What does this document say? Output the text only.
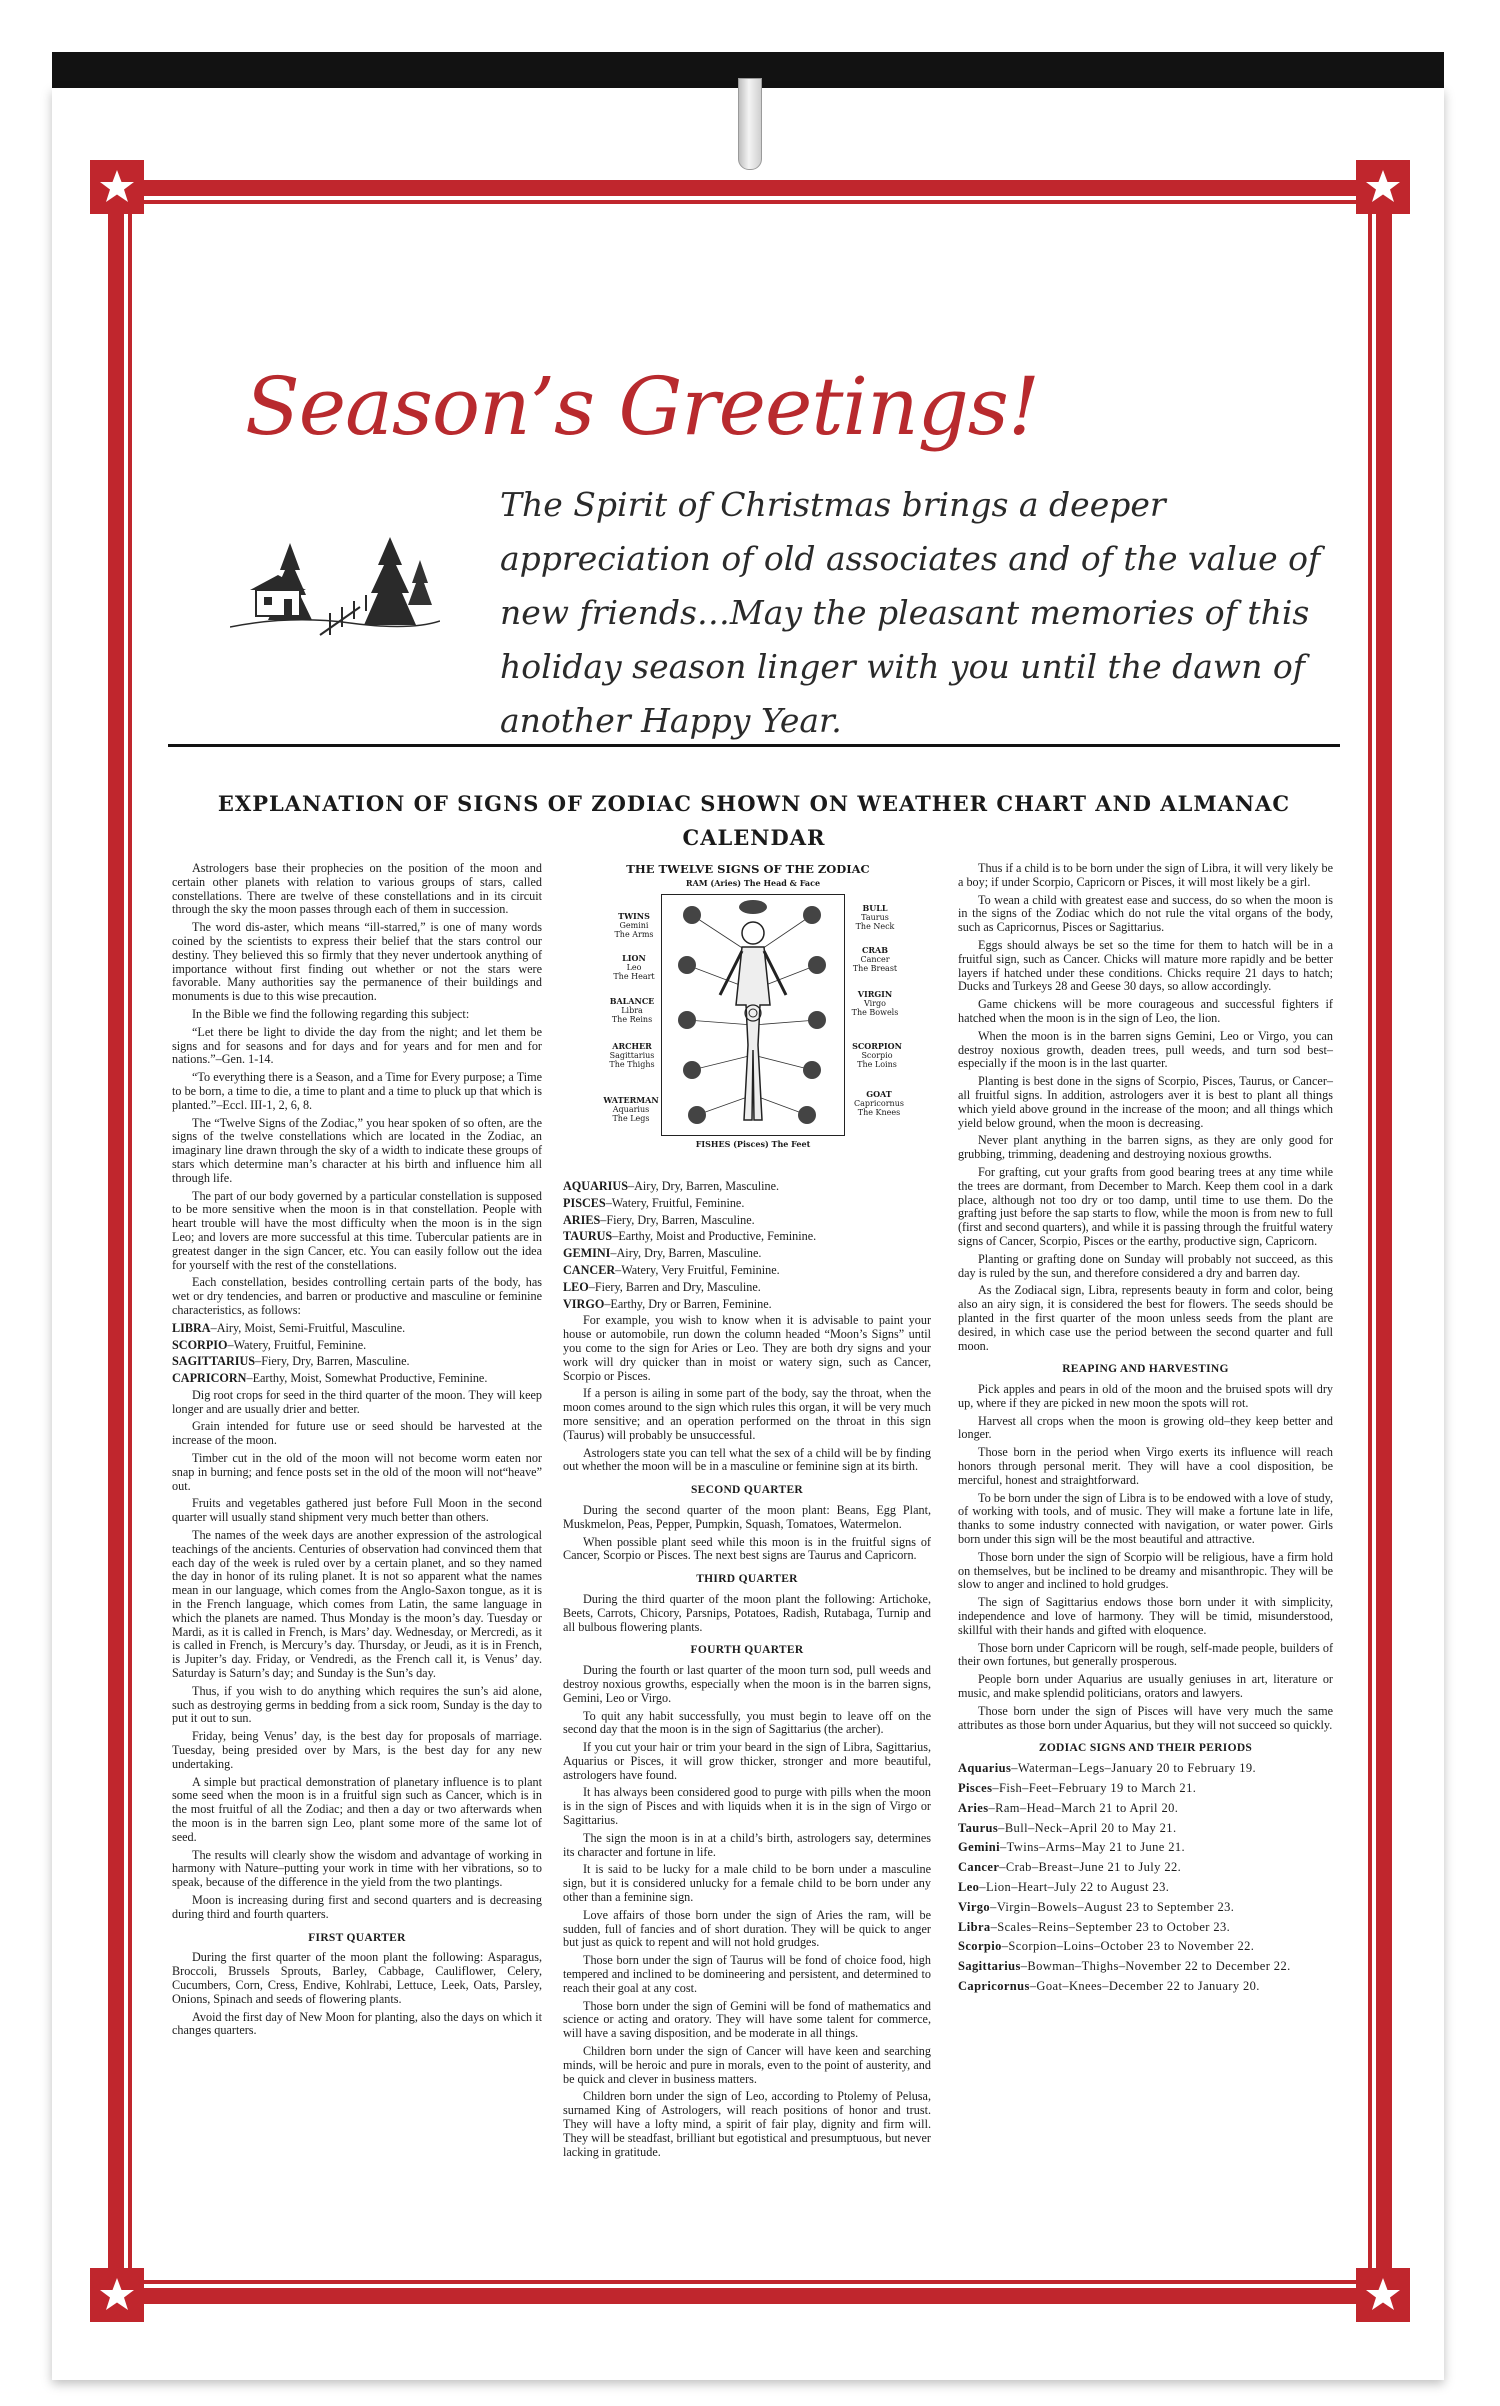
Season’s Greetings!
The Spirit of Christmas brings a deeper appreciation of old associates and of the value of new friends…May the pleasant memories of this holiday season linger with you until the dawn of another Happy Year.
EXPLANATION OF SIGNS OF ZODIAC SHOWN ON WEATHER CHART AND ALMANAC CALENDAR

Astrologers base their prophecies on the position of the moon and certain other planets with relation to various groups of stars, called constellations. There are twelve of these constellations and in its circuit through the sky the moon passes through each of them in succession.

The word dis-aster, which means “ill-starred,” is one of many words coined by the scientists to express their belief that the stars control our destiny. They believed this so firmly that they never undertook anything of importance without first finding out whether or not the stars were favorable. Many authorities say the permanence of their buildings and monuments is due to this wise precaution.

In the Bible we find the following regarding this subject:

“Let there be light to divide the day from the night; and let them be signs and for seasons and for days and for years and for men and for nations.”–Gen. 1-14.

“To everything there is a Season, and a Time for Every purpose; a Time to be born, a time to die, a time to plant and a time to pluck up that which is planted.”–Eccl. III-1, 2, 6, 8.

The “Twelve Signs of the Zodiac,” you hear spoken of so often, are the signs of the twelve constellations which are located in the Zodiac, an imaginary line drawn through the sky of a width to indicate these groups of stars which determine man’s character at his birth and influence him all through life.

The part of our body governed by a particular constellation is supposed to be more sensitive when the moon is in that constellation. People with heart trouble will have the most difficulty when the moon is in the sign Leo; and lovers are more successful at this time. Tubercular patients are in greatest danger in the sign Cancer, etc. You can easily follow out the idea for yourself with the rest of the constellations.

Each constellation, besides controlling certain parts of the body, has wet or dry tendencies, and barren or productive and masculine or feminine characteristics, as follows:

LIBRA–Airy, Moist, Semi-Fruitful, Masculine.

SCORPIO–Watery, Fruitful, Feminine.

SAGITTARIUS–Fiery, Dry, Barren, Masculine.

CAPRICORN–Earthy, Moist, Somewhat Productive, Feminine.

Dig root crops for seed in the third quarter of the moon. They will keep longer and are usually drier and better.

Grain intended for future use or seed should be harvested at the increase of the moon.

Timber cut in the old of the moon will not become worm eaten nor snap in burning; and fence posts set in the old of the moon will not“heave” out.

Fruits and vegetables gathered just before Full Moon in the second quarter will usually stand shipment very much better than others.

The names of the week days are another expression of the astrological teachings of the ancients. Centuries of observation had convinced them that each day of the week is ruled over by a certain planet, and so they named the day in honor of its ruling planet. It is not so apparent what the names mean in our language, which comes from the Anglo-Saxon tongue, as it is in the French language, which comes from Latin, the same language in which the planets are named. Thus Monday is the moon’s day. Tuesday or Mardi, as it is called in French, is Mars’ day. Wednesday, or Mercredi, as it is called in French, is Mercury’s day. Thursday, or Jeudi, as it is in French, is Jupiter’s day. Friday, or Vendredi, as the French call it, is Venus’ day. Saturday is Saturn’s day; and Sunday is the Sun’s day.

Thus, if you wish to do anything which requires the sun’s aid alone, such as destroying germs in bedding from a sick room, Sunday is the day to put it out to sun.

Friday, being Venus’ day, is the best day for proposals of marriage. Tuesday, being presided over by Mars, is the best day for any new undertaking.

A simple but practical demonstration of planetary influence is to plant some seed when the moon is in a fruitful sign such as Cancer, which is in the most fruitful of all the Zodiac; and then a day or two afterwards when the moon is in the barren sign Leo, plant some more of the same lot of seed.

The results will clearly show the wisdom and advantage of working in harmony with Nature–putting your work in time with her vibrations, so to speak, because of the difference in the yield from the two plantings.

Moon is increasing during first and second quarters and is decreasing during third and fourth quarters.

FIRST QUARTER

During the first quarter of the moon plant the following: Asparagus, Broccoli, Brussels Sprouts, Barley, Cabbage, Cauliflower, Celery, Cucumbers, Corn, Cress, Endive, Kohlrabi, Lettuce, Leek, Oats, Parsley, Onions, Spinach and seeds of flowering plants.

Avoid the first day of New Moon for planting, also the days on which it changes quarters.

THE TWELVE SIGNS OF THE ZODIAC
RAM (Aries) The Head & Face
TWINS
Gemini
The Arms
LION
Leo
The Heart
BALANCE
Libra
The Reins
ARCHER
Sagittarius
The Thighs
WATERMAN
Aquarius
The Legs
BULL
Taurus
The Neck
CRAB
Cancer
The Breast
VIRGIN
Virgo
The Bowels
SCORPION
Scorpio
The Loins
GOAT
Capricornus
The Knees
FISHES (Pisces) The Feet

AQUARIUS–Airy, Dry, Barren, Masculine.

PISCES–Watery, Fruitful, Feminine.

ARIES–Fiery, Dry, Barren, Masculine.

TAURUS–Earthy, Moist and Productive, Feminine.

GEMINI–Airy, Dry, Barren, Masculine.

CANCER–Watery, Very Fruitful, Feminine.

LEO–Fiery, Barren and Dry, Masculine.

VIRGO–Earthy, Dry or Barren, Feminine.

For example, you wish to know when it is advisable to paint your house or automobile, run down the column headed “Moon’s Signs” until you come to the sign for Aries or Leo. They are both dry signs and your work will dry quicker than in moist or watery sign, such as Cancer, Scorpio or Pisces.

If a person is ailing in some part of the body, say the throat, when the moon comes around to the sign which rules this organ, it will be very much more sensitive; and an operation performed on the throat in this sign (Taurus) will probably be unsuccessful.

Astrologers state you can tell what the sex of a child will be by finding out whether the moon will be in a masculine or feminine sign at its birth.

SECOND QUARTER

During the second quarter of the moon plant: Beans, Egg Plant, Muskmelon, Peas, Pepper, Pumpkin, Squash, Tomatoes, Watermelon.

When possible plant seed while this moon is in the fruitful signs of Cancer, Scorpio or Pisces. The next best signs are Taurus and Capricorn.

THIRD QUARTER

During the third quarter of the moon plant the following: Artichoke, Beets, Carrots, Chicory, Parsnips, Potatoes, Radish, Rutabaga, Turnip and all bulbous flowering plants.

FOURTH QUARTER

During the fourth or last quarter of the moon turn sod, pull weeds and destroy noxious growths, especially when the moon is in the barren signs, Gemini, Leo or Virgo.

To quit any habit successfully, you must begin to leave off on the second day that the moon is in the sign of Sagittarius (the archer).

If you cut your hair or trim your beard in the sign of Libra, Sagittarius, Aquarius or Pisces, it will grow thicker, stronger and more beautiful, astrologers have found.

It has always been considered good to purge with pills when the moon is in the sign of Pisces and with liquids when it is in the sign of Virgo or Sagittarius.

The sign the moon is in at a child’s birth, astrologers say, determines its character and fortune in life.

It is said to be lucky for a male child to be born under a masculine sign, but it is considered unlucky for a female child to be born under any other than a feminine sign.

Love affairs of those born under the sign of Aries the ram, will be sudden, full of fancies and of short duration. They will be quick to anger but just as quick to repent and will not hold grudges.

Those born under the sign of Taurus will be fond of choice food, high tempered and inclined to be domineering and persistent, and determined to reach their goal at any cost.

Those born under the sign of Gemini will be fond of mathematics and science or acting and oratory. They will have some talent for commerce, will have a saving disposition, and be moderate in all things.

Children born under the sign of Cancer will have keen and searching minds, will be heroic and pure in morals, even to the point of austerity, and be quick and clever in business matters.

Children born under the sign of Leo, according to Ptolemy of Pelusa, surnamed King of Astrologers, will reach positions of honor and trust. They will have a lofty mind, a spirit of fair play, dignity and firm will. They will be steadfast, brilliant but egotistical and presumptuous, but never lacking in gratitude.

Thus if a child is to be born under the sign of Libra, it will very likely be a boy; if under Scorpio, Capricorn or Pisces, it will most likely be a girl.

To wean a child with greatest ease and success, do so when the moon is in the signs of the Zodiac which do not rule the vital organs of the body, such as Capricornus, Pisces or Sagittarius.

Eggs should always be set so the time for them to hatch will be in a fruitful sign, such as Cancer. Chicks will mature more rapidly and be better layers if hatched under these conditions. Chicks require 21 days to hatch; Ducks and Turkeys 28 and Geese 30 days, so allow accordingly.

Game chickens will be more courageous and successful fighters if hatched when the moon is in the sign of Leo, the lion.

When the moon is in the barren signs Gemini, Leo or Virgo, you can destroy noxious growth, deaden trees, pull weeds, and turn sod best–especially if the moon is in the last quarter.

Planting is best done in the signs of Scorpio, Pisces, Taurus, or Cancer–all fruitful signs. In addition, astrologers aver it is best to plant all things which yield above ground in the increase of the moon; and all things which yield below ground, when the moon is decreasing.

Never plant anything in the barren signs, as they are only good for grubbing, trimming, deadening and destroying noxious growths.

For grafting, cut your grafts from good bearing trees at any time while the trees are dormant, from December to March. Keep them cool in a dark place, although not too dry or too damp, until time to use them. Do the grafting just before the sap starts to flow, while the moon is from new to full (first and second quarters), and while it is passing through the fruitful watery signs of Cancer, Scorpio, Pisces or the earthy, productive sign, Capricorn.

Planting or grafting done on Sunday will probably not succeed, as this day is ruled by the sun, and therefore considered a dry and barren day.

As the Zodiacal sign, Libra, represents beauty in form and color, being also an airy sign, it is considered the best for flowers. The seeds should be planted in the first quarter of the moon unless seeds from the plant are desired, in which case use the period between the second quarter and full moon.

REAPING AND HARVESTING

Pick apples and pears in old of the moon and the bruised spots will dry up, where if they are picked in new moon the spots will rot.

Harvest all crops when the moon is growing old–they keep better and longer.

Those born in the period when Virgo exerts its influence will reach honors through personal merit. They will have a cool disposition, be merciful, honest and straightforward.

To be born under the sign of Libra is to be endowed with a love of study, of working with tools, and of music. They will make a fortune late in life, thanks to some industry connected with navigation, or water power. Girls born under this sign will be the most beautiful and attractive.

Those born under the sign of Scorpio will be religious, have a firm hold on themselves, but be inclined to be dreamy and misanthropic. They will be slow to anger and inclined to hold grudges.

The sign of Sagittarius endows those born under it with simplicity, independence and love of harmony. They will be timid, misunderstood, skillful with their hands and gifted with eloquence.

Those born under Capricorn will be rough, self-made people, builders of their own fortunes, but generally prosperous.

People born under Aquarius are usually geniuses in art, literature or music, and make splendid politicians, orators and lawyers.

Those born under the sign of Pisces will have very much the same attributes as those born under Aquarius, but they will not succeed so quickly.

ZODIAC SIGNS AND THEIR PERIODS

Aquarius–Waterman–Legs–January 20 to February 19.

Pisces–Fish–Feet–February 19 to March 21.

Aries–Ram–Head–March 21 to April 20.

Taurus–Bull–Neck–April 20 to May 21.

Gemini–Twins–Arms–May 21 to June 21.

Cancer–Crab–Breast–June 21 to July 22.

Leo–Lion–Heart–July 22 to August 23.

Virgo–Virgin–Bowels–August 23 to September 23.

Libra–Scales–Reins–September 23 to October 23.

Scorpio–Scorpion–Loins–October 23 to November 22.

Sagittarius–Bowman–Thighs–November 22 to December 22.

Capricornus–Goat–Knees–December 22 to January 20.
